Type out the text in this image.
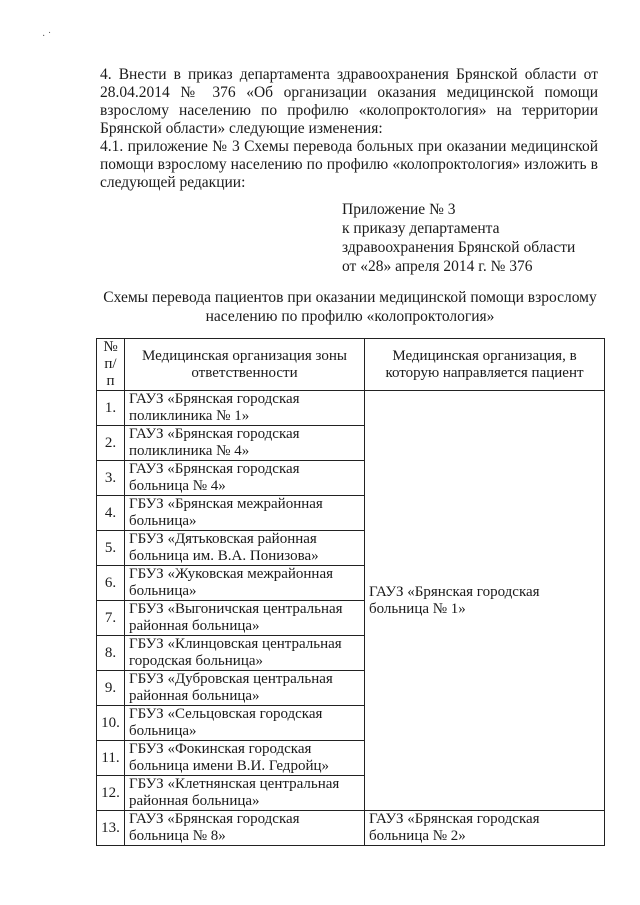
· ˙

4. Внести в приказ департамента здравоохранения Брянской области от 28.04.2014 № 376 «Об организации оказания медицинской помощи взрослому населению по профилю «колопроктология» на территории Брянской области» следующие изменения:

4.1. приложение № 3 Схемы перевода больных при оказании медицинской помощи взрослому населению по профилю «колопроктология» изложить в следующей редакции:

Приложение № 3
к приказу департамента
здравоохранения Брянской области
от «28» апреля 2014 г. № 376
Схемы перевода пациентов при оказании медицинской помощи взрослому населению по профилю «колопроктология»
№ п/п	Медицинская организация зоны ответственности	Медицинская организация, в которую направляется пациент
1.	ГАУЗ «Брянская городская поликлиника № 1»	ГАУЗ «Брянская городская больница № 1»
2.	ГАУЗ «Брянская городская поликлиника № 4»	
3.	ГАУЗ «Брянская городская больница № 4»	
4.	ГБУЗ «Брянская межрайонная больница»	
5.	ГБУЗ «Дятьковская районная больница им. В.А. Понизова»	
6.	ГБУЗ «Жуковская межрайонная больница»	
7.	ГБУЗ «Выгоничская центральная районная больница»	
8.	ГБУЗ «Клинцовская центральная городская больница»	
9.	ГБУЗ «Дубровская центральная районная больница»	
10.	ГБУЗ «Сельцовская городская больница»	
11.	ГБУЗ «Фокинская городская больница имени В.И. Гедройц»	
12.	ГБУЗ «Клетнянская центральная районная больница»	
13.	ГАУЗ «Брянская городская больница № 8»	ГАУЗ «Брянская городская больница № 2»
